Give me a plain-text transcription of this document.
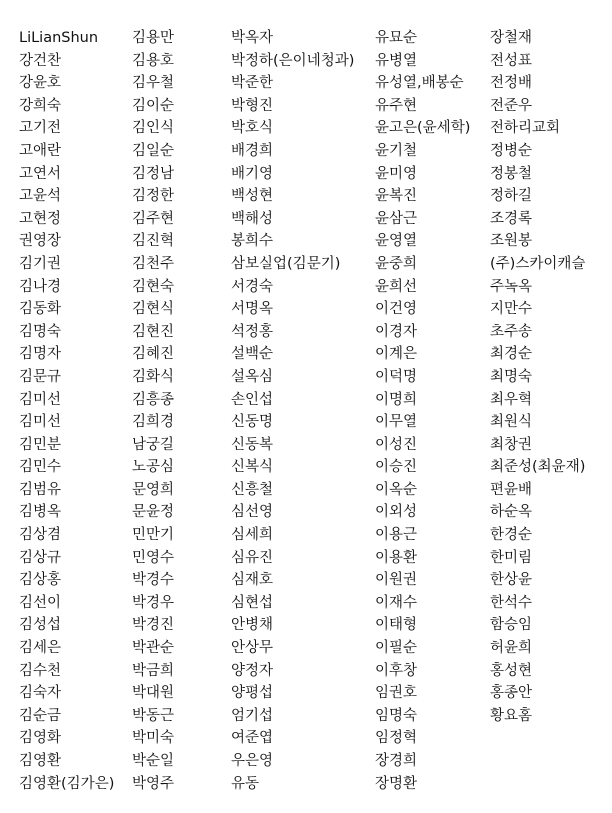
LiLianShun
강건찬
강윤호
강희숙
고기전
고애란
고연서
고윤석
고현정
권영장
김기권
김나경
김동화
김명숙
김명자
김문규
김미선
김미선
김민분
김민수
김범유
김병옥
김상겸
김상규
김상홍
김선이
김성섭
김세은
김수천
김숙자
김순금
김영화
김영환
김영환(김가은)
김용만
김용호
김우철
김이순
김인식
김일순
김정남
김정한
김주현
김진혁
김천주
김현숙
김현식
김현진
김혜진
김화식
김흥종
김희경
남궁길
노공심
문영희
문윤정
민만기
민영수
박경수
박경우
박경진
박관순
박금희
박대원
박동근
박미숙
박순일
박영주
박옥자
박정하(은이네청과)
박준한
박형진
박호식
배경희
배기영
백성현
백해성
봉희수
삼보실업(김문기)
서경숙
서명옥
석정홍
설백순
설옥심
손인섭
신동명
신동복
신복식
신흥철
심선영
심세희
심유진
심재호
심현섭
안병채
안상무
양정자
양평섭
엄기섭
여준엽
우은영
유동
유묘순
유병열
유성열,배봉순
유주현
윤고은(윤세학)
윤기철
윤미영
윤복진
윤삼근
윤영열
윤중희
윤희선
이건영
이경자
이계은
이덕명
이명희
이무열
이성진
이승진
이옥순
이외성
이용근
이용환
이원권
이재수
이태형
이필순
이후창
임권호
임명숙
임정혁
장경희
장명환
장철재
전성표
전정배
전준우
전하리교회
정병순
정봉철
정하길
조경록
조원봉
(주)스카이캐슬
주녹옥
지만수
초주송
최경순
최명숙
최우혁
최원식
최창권
최준성(최윤재)
편윤배
하순옥
한경순
한미림
한상윤
한석수
함승임
허윤희
홍성현
홍종안
황요홈
